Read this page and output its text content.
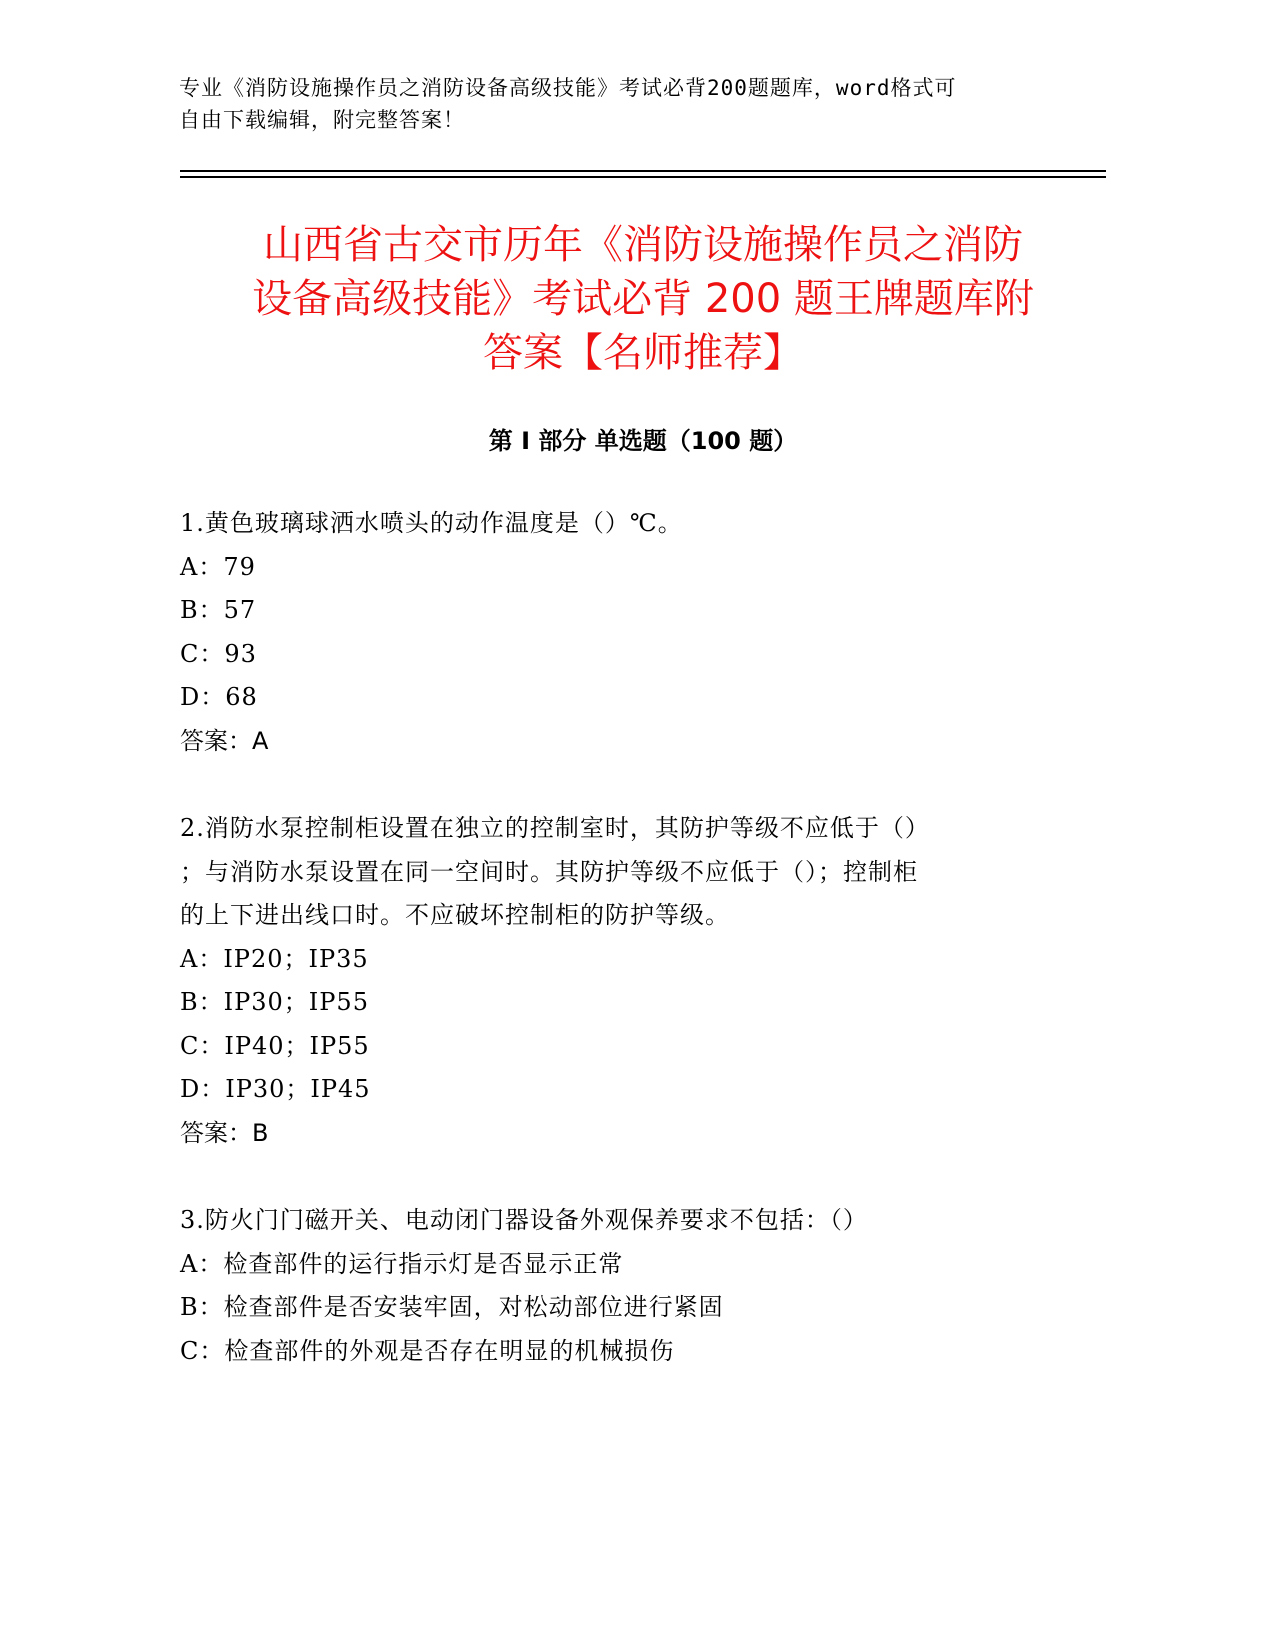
专业《消防设施操作员之消防设备高级技能》考试必背200题题库，word格式可
自由下载编辑，附完整答案！
山西省古交市历年《消防设施操作员之消防
设备高级技能》考试必背 200 题王牌题库附
答案【名师推荐】
第 I 部分 单选题（100 题）
1.黄色玻璃球洒水喷头的动作温度是（）℃。
A：79
B：57
C：93
D：68
答案：A
2.消防水泵控制柜设置在独立的控制室时，其防护等级不应低于（）
；与消防水泵设置在同一空间时。其防护等级不应低于（）；控制柜
的上下进出线口时。不应破坏控制柜的防护等级。
A：IP20；IP35
B：IP30；IP55
C：IP40；IP55
D：IP30；IP45
答案：B
3.防火门门磁开关、电动闭门器设备外观保养要求不包括：（）
A：检查部件的运行指示灯是否显示正常
B：检查部件是否安装牢固，对松动部位进行紧固
C：检查部件的外观是否存在明显的机械损伤
